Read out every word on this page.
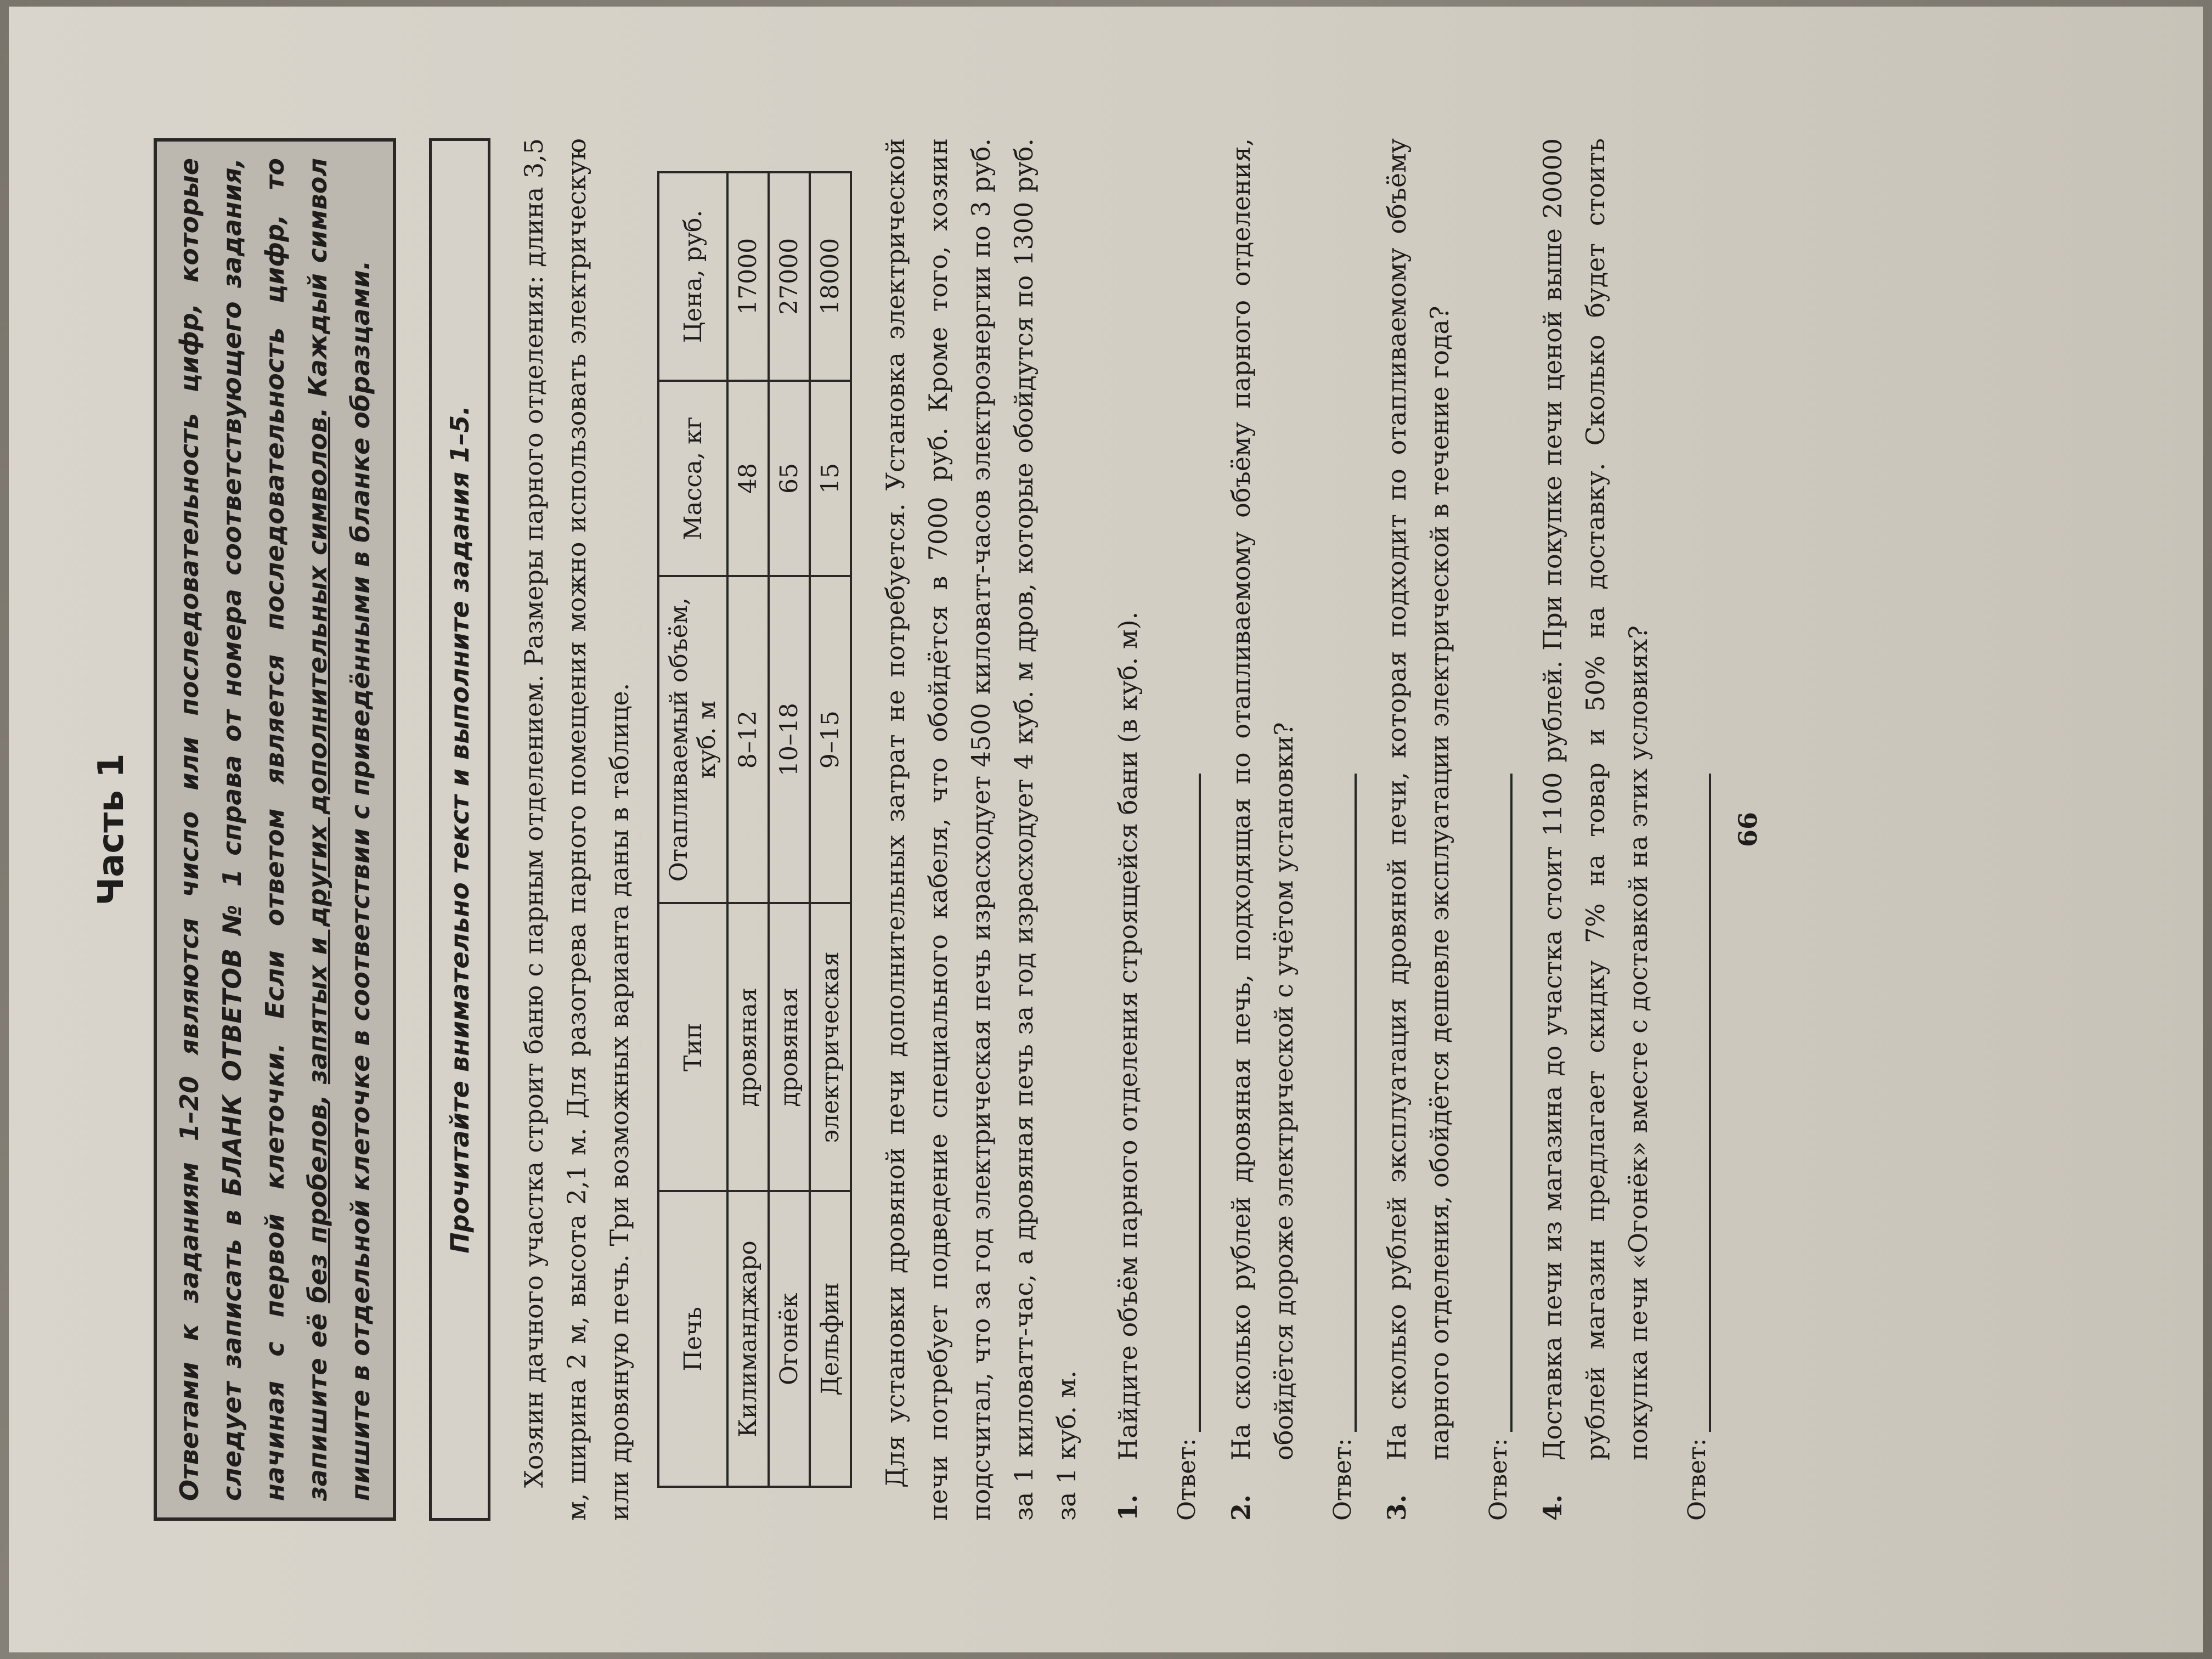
Часть 1	Ответами к заданиям 1–20 являются число или последовательность цифр, которые следует записать в БЛАНК ОТВЕТОВ № 1 справа от номера соответствующего задания, начиная с первой клеточки. Если ответом является последовательность цифр, то запишите её без пробелов, запятых и других дополнительных символов. Каждый символ пишите в отдельной клеточке в соответствии с приведёнными в бланке образцами.	Прочитайте внимательно текст и выполните задания 1–5.	Хозяин дачного участка строит баню с парным отделением. Размеры парного отделения: длина 3,5 м, ширина 2 м, высота 2,1 м. Для разогрева парного помещения можно использовать электрическую или дровяную печь. Три возможных варианта даны в таблице. Печь	Тип	Отапливаемый объём, куб. м	Масса, кг	Цена, руб.
Килиманджаро	дровяная	8–12	48	17000
Огонёк	дровяная	10–18	65	27000
Дельфин	электрическая	9–15	15	18000 Для установки дровяной печи дополнительных затрат не потребуется. Установка электрической печи потребует подведение специального кабеля, что обойдётся в 7000 руб. Кроме того, хозяин подсчитал, что за год электрическая печь израсходует 4500 киловатт-часов электроэнергии по 3 руб. за 1 киловатт-час, а дровяная печь за год израсходует 4 куб. м дров, которые обойдутся по 1300 руб. за 1 куб. м. 1.
Найдите объём парного отделения строящейся бани (в куб. м).
Ответ: 2.
На сколько рублей дровяная печь, подходящая по отапливаемому объёму парного отделения, обойдётся дороже электрической с учётом установки?
Ответ: 3.
На сколько рублей эксплуатация дровяной печи, которая подходит по отапливаемому объёму парного отделения, обойдётся дешевле эксплуатации электрической в течение года?
Ответ: 4.
Доставка печи из магазина до участка стоит 1100 рублей. При покупке печи ценой выше 20000 рублей магазин предлагает скидку 7% на товар и 50% на доставку. Сколько будет стоить покупка печи «Огонёк» вместе с доставкой на этих условиях?
Ответ:
66
